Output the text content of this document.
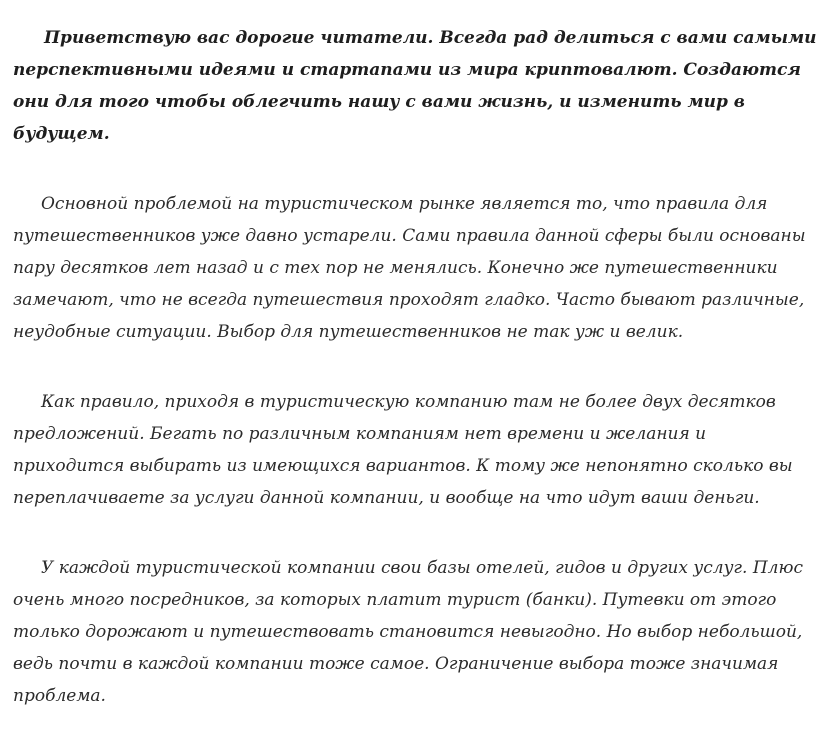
Приветствую вас дорогие читатели. Всегда рад делиться с вами самыми перспективными идеями и стартапами из мира криптовалют. Создаются они для того чтобы облегчить нашу с вами жизнь, и изменить мир в будущем.

Основной проблемой на туристическом рынке является то, что правила для путешественников уже давно устарели. Сами правила данной сферы были основаны пару десятков лет назад и с тех пор не менялись. Конечно же путешественники замечают, что не всегда путешествия проходят гладко. Часто бывают различные, неудобные ситуации. Выбор для путешественников не так уж и велик.

Как правило, приходя в туристическую компанию там не более двух десятков предложений. Бегать по различным компаниям нет времени и желания и приходится выбирать из имеющихся вариантов. К тому же непонятно сколько вы переплачиваете за услуги данной компании, и вообще на что идут ваши деньги.

У каждой туристической компании свои базы отелей, гидов и других услуг. Плюс очень много посредников, за которых платит турист (банки). Путевки от этого только дорожают и путешествовать становится невыгодно. Но выбор небольшой, ведь почти в каждой компании тоже самое. Ограничение выбора тоже значимая проблема.
